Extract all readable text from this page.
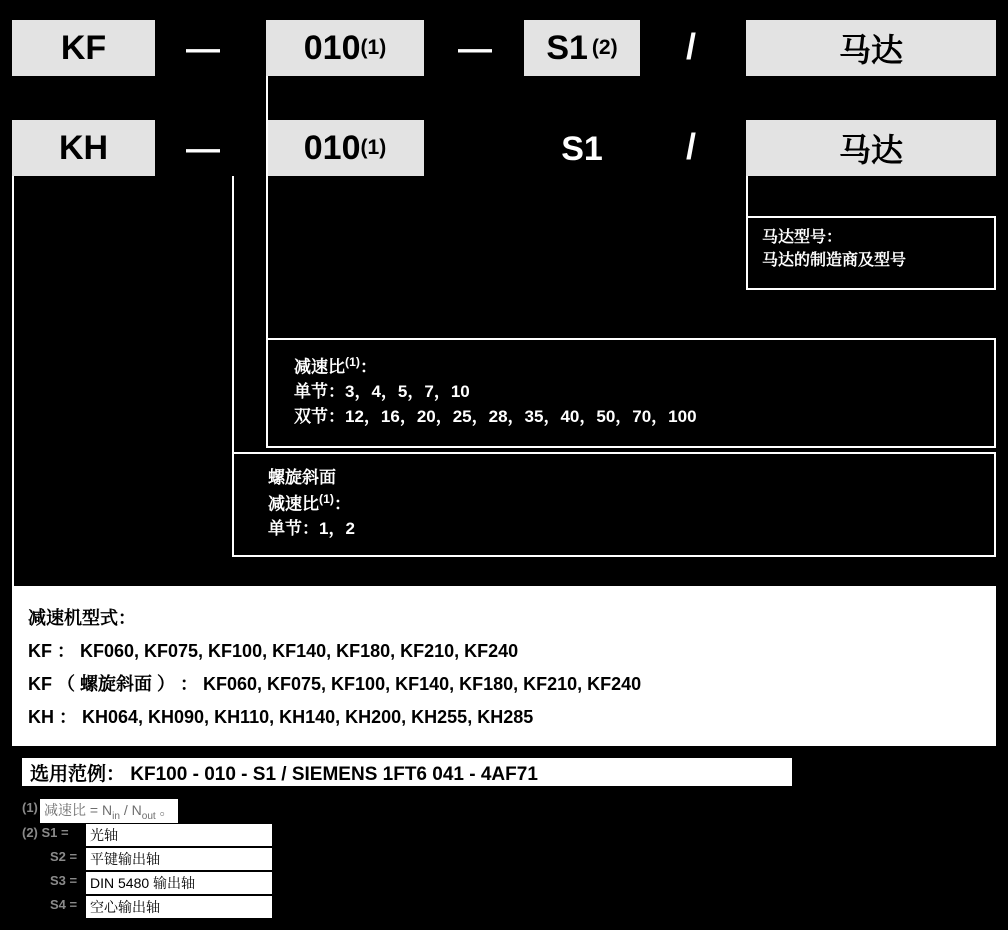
KF	—	010 (1)	—	S1 (2)	/	马达
KH	—	010 (1)	S1	/	马达
马达型号：
马达的制造商及型号
减速比$^{(1)}$：
单节：3，4，5，7，10
双节：12，16，20，25，28，35，40，50，70，100
螺旋斜面
减速比$^{(1)}$：
单节：1，2
减速机型式：
KF ： KF060, KF075, KF100, KF140, KF180, KF210, KF240
KF （ 螺旋斜面 ） ： KF060, KF075, KF100, KF140, KF180, KF210, KF240
KH ： KH064, KH090, KH110, KH140, KH200, KH255, KH285
选用范例： KF100 - 010 - S1 / SIEMENS 1FT6 041 - 4AF71
(1) 减速比 = $N_{in} / N_{out}$ 。
(2) S1 = 光轴
S2 = 平键输出轴
S3 = DIN 5480 输出轴
S4 = 空心输出轴
